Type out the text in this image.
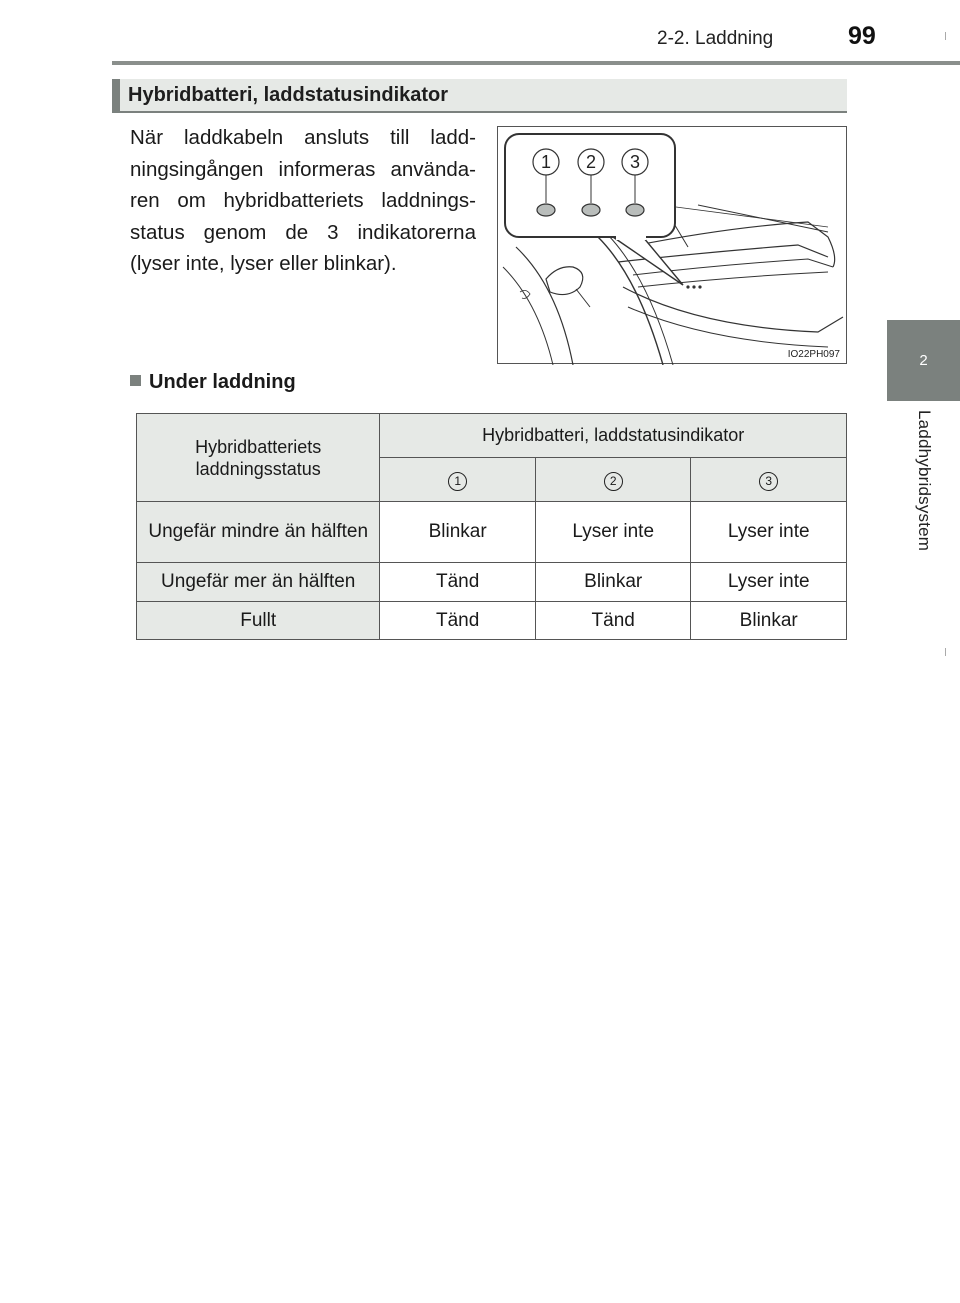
2-2. Laddning	99
2
Laddhybridsystem
Hybridbatteri, laddstatusindikator
När laddkabeln ansluts till ladd-ningsingången informeras använda-ren om hybridbatteriets laddnings-status genom de 3 indikatorerna (lyser inte, lyser eller blinkar).
1 2 3
IO22PH097
Under laddning
Hybridbatteriets laddningsstatus	Hybridbatteri, laddstatusindikator		
	1	2	3
Ungefär mindre än hälften	Blinkar	Lyser inte	Lyser inte
Ungefär mer än hälften	Tänd	Blinkar	Lyser inte
Fullt	Tänd	Tänd	Blinkar
